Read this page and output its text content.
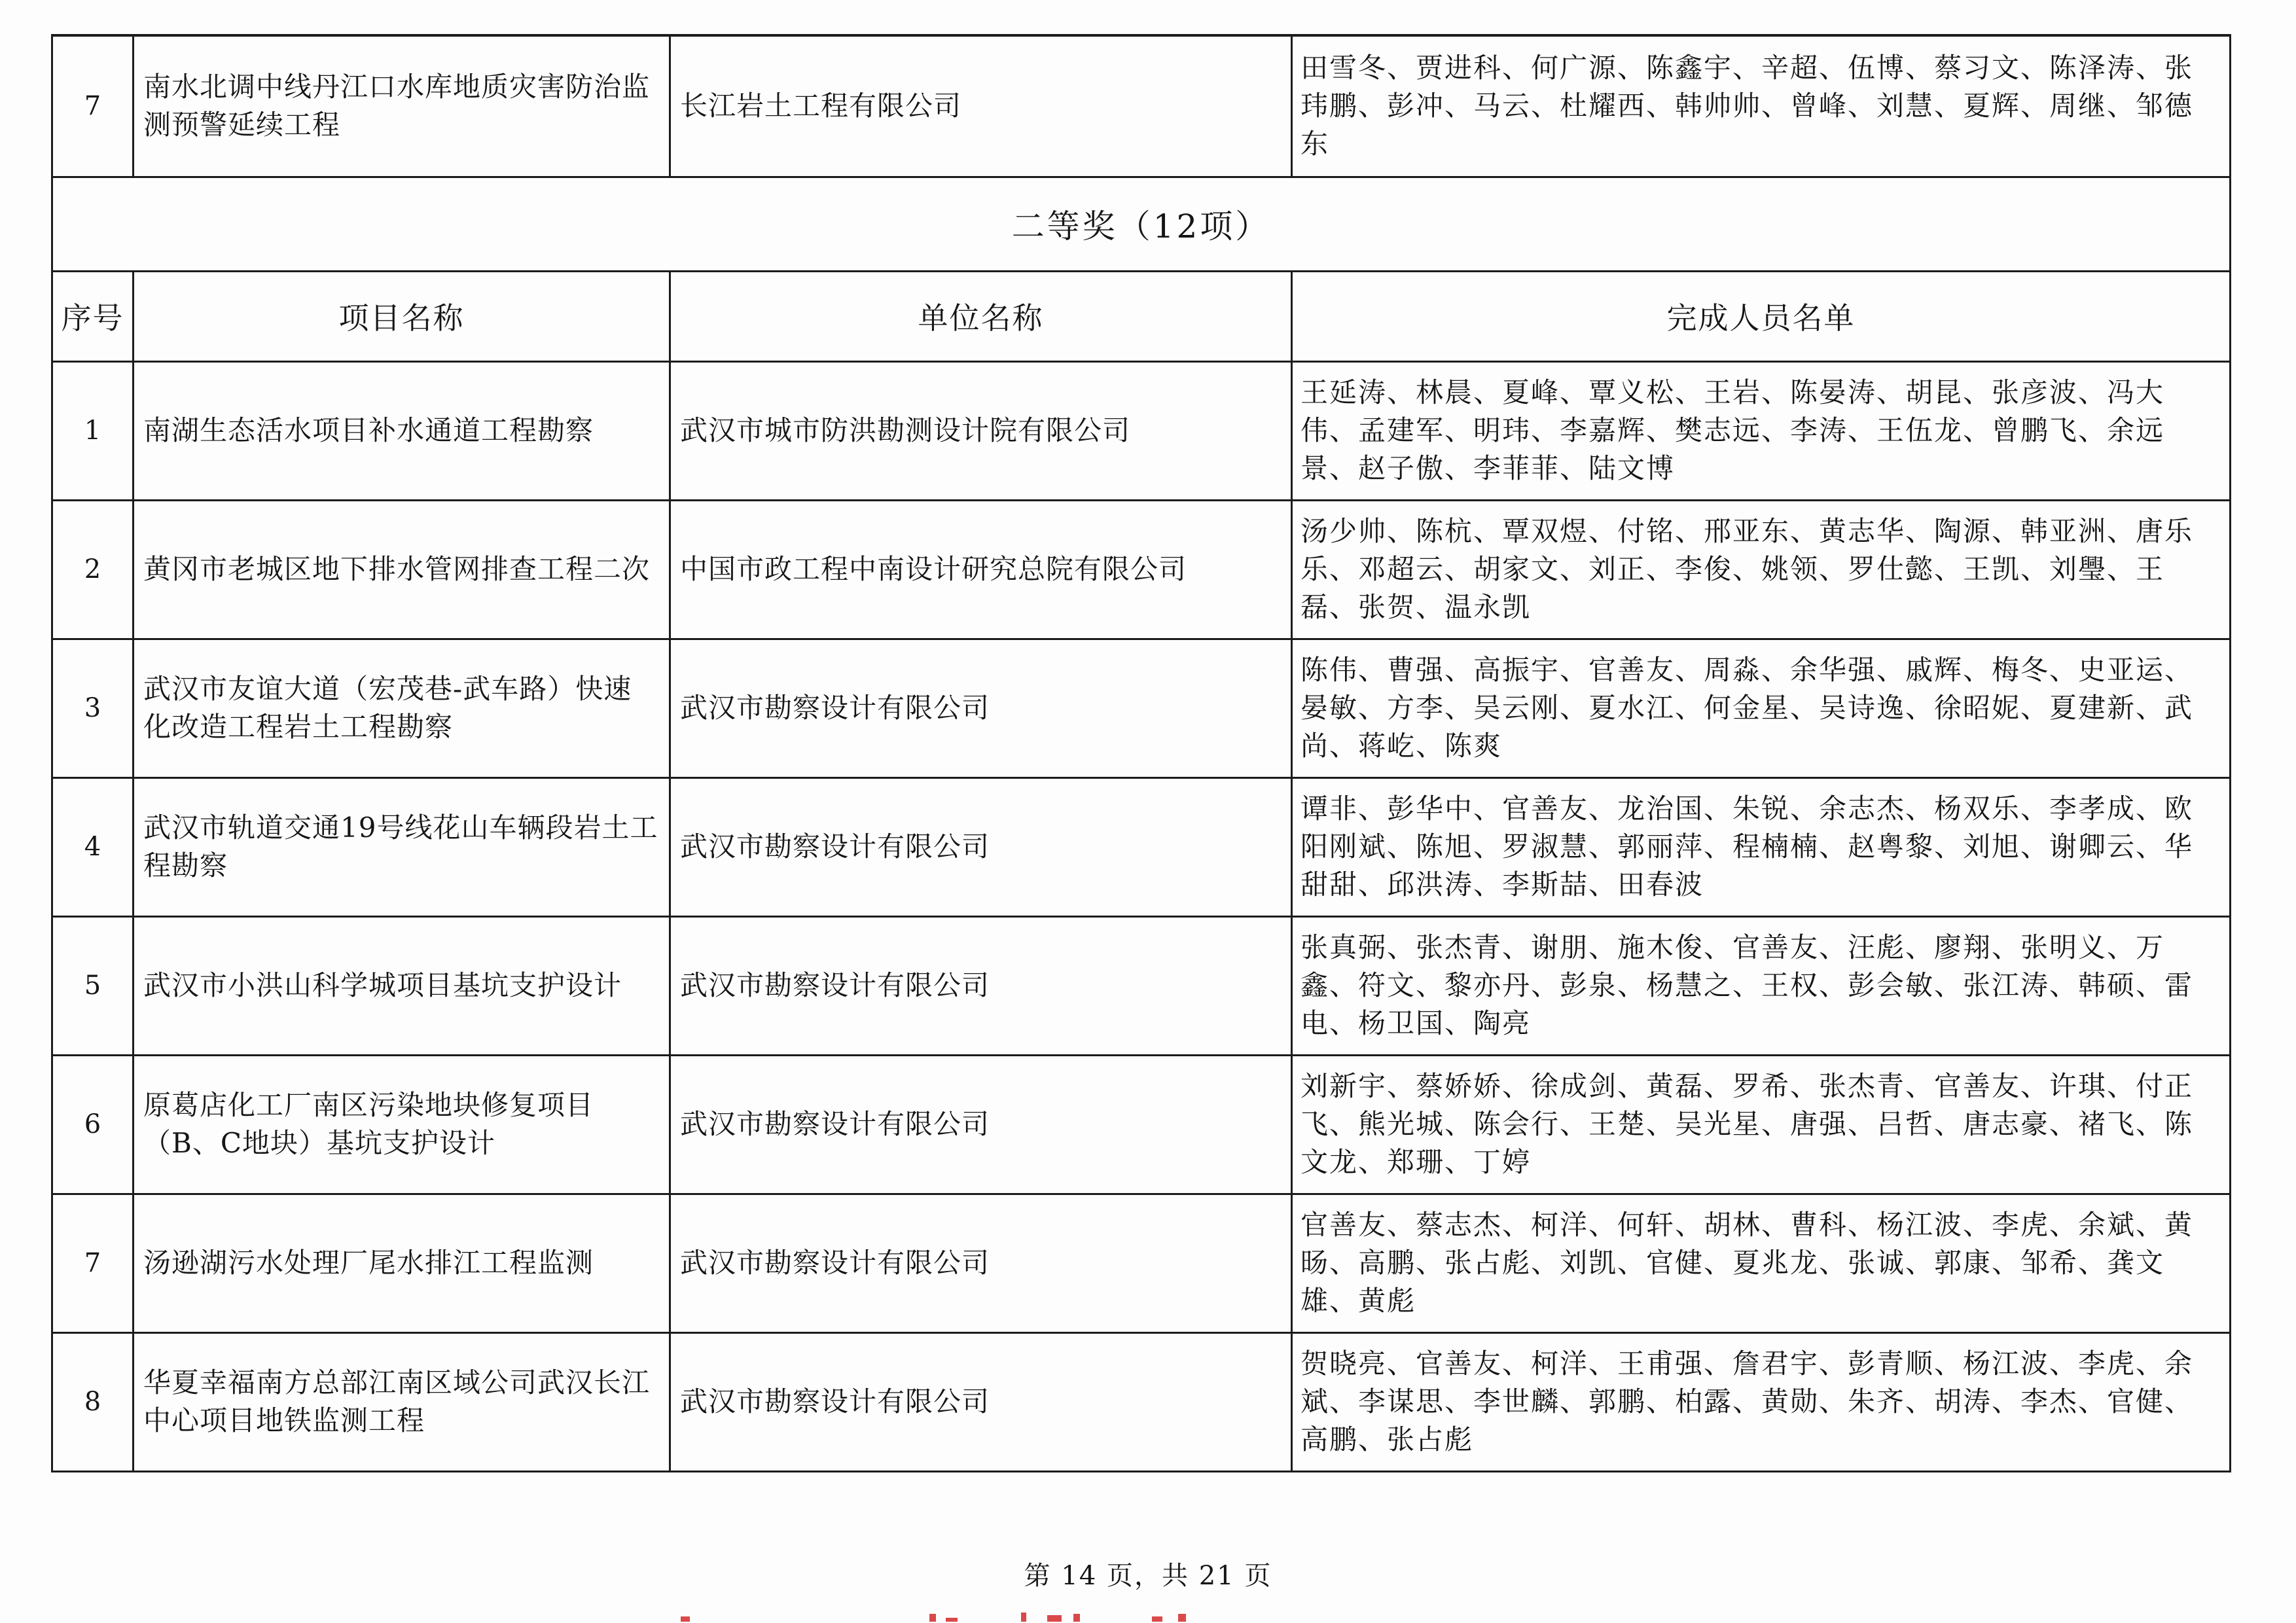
7	南水北调中线丹江口水库地质灾害防治监测预警延续工程	长江岩土工程有限公司	田雪冬、贾进科、何广源、陈鑫宇、辛超、伍博、蔡习文、陈泽涛、张玮鹏、彭冲、马云、杜耀西、韩帅帅、曾峰、刘慧、夏辉、周继、邹德东
二等奖（12项）			
序号	项目名称	单位名称	完成人员名单
1	南湖生态活水项目补水通道工程勘察	武汉市城市防洪勘测设计院有限公司	王延涛、林晨、夏峰、覃义松、王岩、陈晏涛、胡昆、张彦波、冯大伟、孟建军、明玮、李嘉辉、樊志远、李涛、王伍龙、曾鹏飞、余远景、赵子傲、李菲菲、陆文博
2	黄冈市老城区地下排水管网排查工程二次	中国市政工程中南设计研究总院有限公司	汤少帅、陈杭、覃双煜、付铭、邢亚东、黄志华、陶源、韩亚洲、唐乐乐、邓超云、胡家文、刘正、李俊、姚领、罗仕懿、王凯、刘璺、王磊、张贺、温永凯
3	武汉市友谊大道（宏茂巷-武车路）快速化改造工程岩土工程勘察	武汉市勘察设计有限公司	陈伟、曹强、高振宇、官善友、周淼、余华强、戚辉、梅冬、史亚运、晏敏、方李、吴云刚、夏水江、何金星、吴诗逸、徐昭妮、夏建新、武尚、蒋屹、陈爽
4	武汉市轨道交通19号线花山车辆段岩土工程勘察	武汉市勘察设计有限公司	谭非、彭华中、官善友、龙治国、朱锐、余志杰、杨双乐、李孝成、欧阳刚斌、陈旭、罗淑慧、郭丽萍、程楠楠、赵粤黎、刘旭、谢卿云、华甜甜、邱洪涛、李斯喆、田春波
5	武汉市小洪山科学城项目基坑支护设计	武汉市勘察设计有限公司	张真弼、张杰青、谢朋、施木俊、官善友、汪彪、廖翔、张明义、万鑫、符文、黎亦丹、彭泉、杨慧之、王权、彭会敏、张江涛、韩硕、雷电、杨卫国、陶亮
6	原葛店化工厂南区污染地块修复项目（B、C地块）基坑支护设计	武汉市勘察设计有限公司	刘新宇、蔡娇娇、徐成剑、黄磊、罗希、张杰青、官善友、许琪、付正飞、熊光城、陈会行、王楚、吴光星、唐强、吕哲、唐志豪、褚飞、陈文龙、郑珊、丁婷
7	汤逊湖污水处理厂尾水排江工程监测	武汉市勘察设计有限公司	官善友、蔡志杰、柯洋、何轩、胡林、曹科、杨江波、李虎、余斌、黄旸、高鹏、张占彪、刘凯、官健、夏兆龙、张诚、郭康、邹希、龚文雄、黄彪
8	华夏幸福南方总部江南区域公司武汉长江中心项目地铁监测工程	武汉市勘察设计有限公司	贺晓亮、官善友、柯洋、王甫强、詹君宇、彭青顺、杨江波、李虎、余斌、李谋思、李世麟、郭鹏、柏露、黄勋、朱齐、胡涛、李杰、官健、高鹏、张占彪
第 14 页，共 21 页
